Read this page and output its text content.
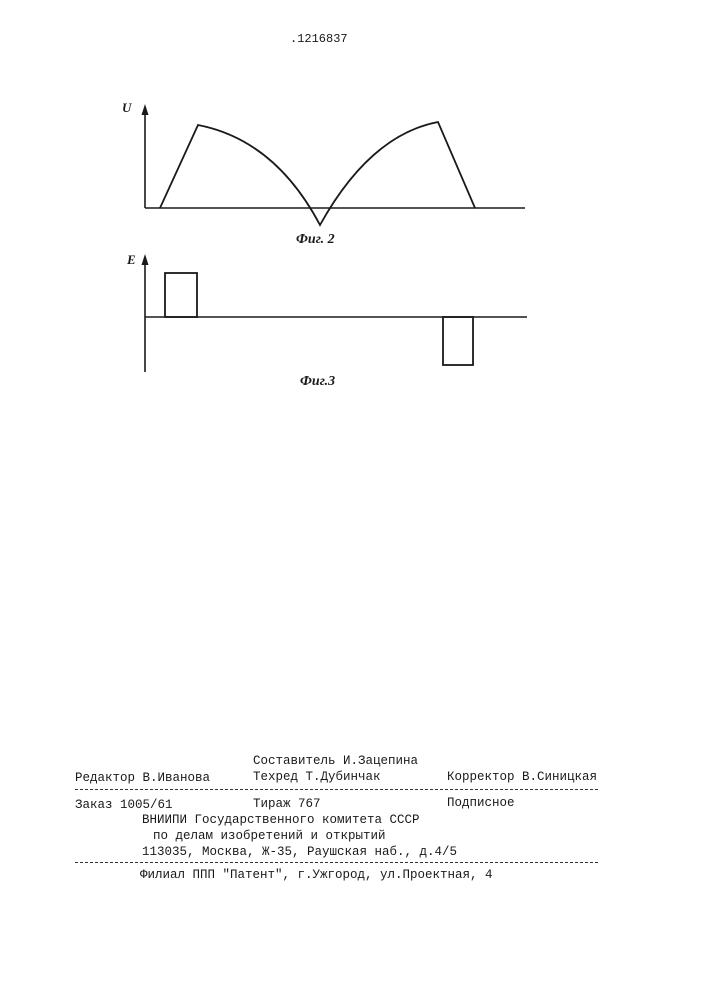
.1216837
U
Фиг. 2
E
Фиг.3
Составитель И.Зацепина
Редактор В.Иванова	Техред Т.Дубинчак	Корректор В.Синицкая
Заказ 1005/61	Тираж 767	Подписное
ВНИИПИ Государственного комитета СССР
по делам изобретений и открытий
113035, Москва, Ж-35, Раушская наб., д.4/5
Филиал ППП "Патент", г.Ужгород, ул.Проектная, 4
